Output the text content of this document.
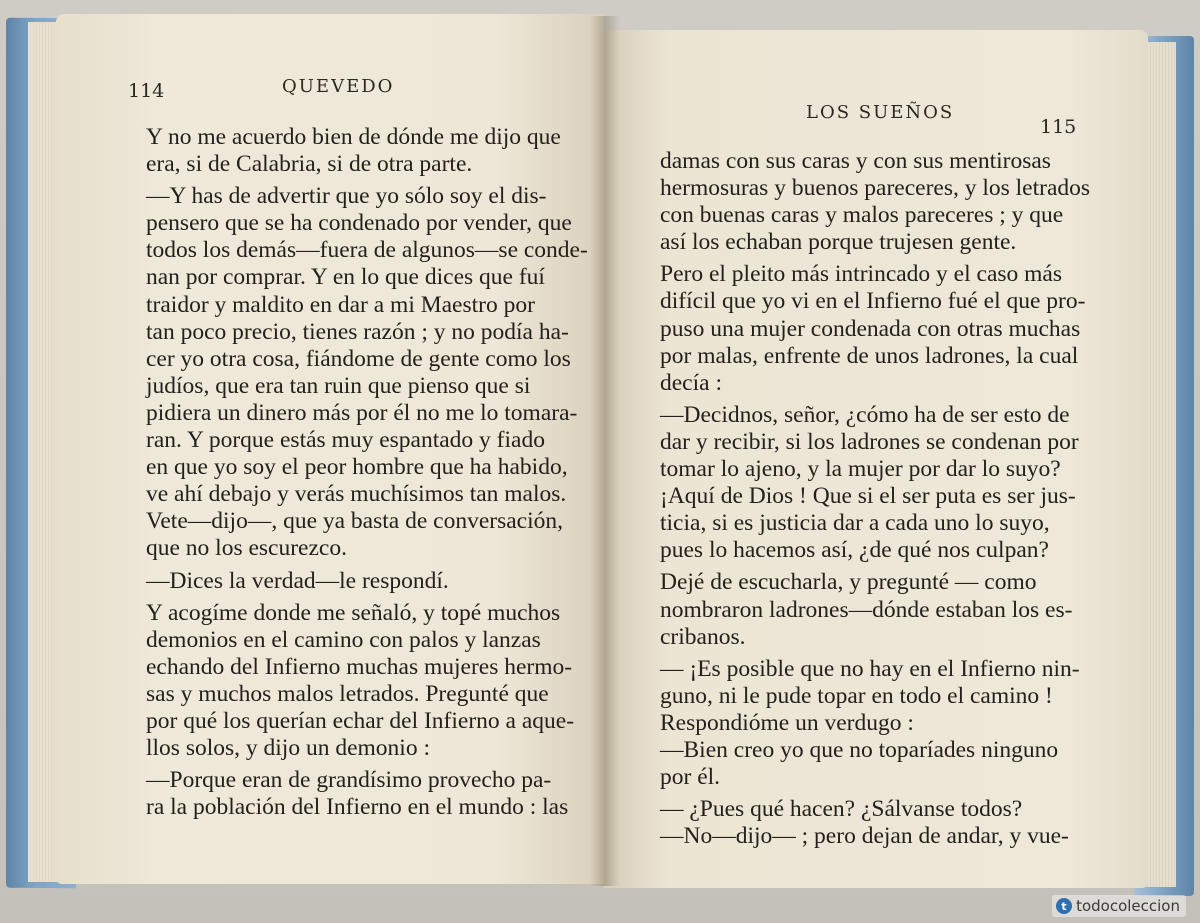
114	QUEVEDO
Y no me acuerdo bien de dónde me dijo que
era, si de Calabria, si de otra parte.
—Y has de advertir que yo sólo soy el dis-
pensero que se ha condenado por vender, que
todos los demás—fuera de algunos—se conde-
nan por comprar. Y en lo que dices que fuí
traidor y maldito en dar a mi Maestro por
tan poco precio, tienes razón ; y no podía ha-
cer yo otra cosa, fiándome de gente como los
judíos, que era tan ruin que pienso que si
pidiera un dinero más por él no me lo tomara-
ran. Y porque estás muy espantado y fiado
en que yo soy el peor hombre que ha habido,
ve ahí debajo y verás muchísimos tan malos.
Vete—dijo—, que ya basta de conversación,
que no los escurezco.
—Dices la verdad—le respondí.
Y acogíme donde me señaló, y topé muchos
demonios en el camino con palos y lanzas
echando del Infierno muchas mujeres hermo-
sas y muchos malos letrados. Pregunté que
por qué los querían echar del Infierno a aque-
llos solos, y dijo un demonio :
—Porque eran de grandísimo provecho pa-
ra la población del Infierno en el mundo : las
LOS SUEÑOS
115
damas con sus caras y con sus mentirosas
hermosuras y buenos pareceres, y los letrados
con buenas caras y malos pareceres ; y que
así los echaban porque trujesen gente.
Pero el pleito más intrincado y el caso más
difícil que yo vi en el Infierno fué el que pro-
puso una mujer condenada con otras muchas
por malas, enfrente de unos ladrones, la cual
decía :
—Decidnos, señor, ¿cómo ha de ser esto de
dar y recibir, si los ladrones se condenan por
tomar lo ajeno, y la mujer por dar lo suyo?
¡Aquí de Dios ! Que si el ser puta es ser jus-
ticia, si es justicia dar a cada uno lo suyo,
pues lo hacemos así, ¿de qué nos culpan?
Dejé de escucharla, y pregunté — como
nombraron ladrones—dónde estaban los es-
cribanos.
— ¡Es posible que no hay en el Infierno nin-
guno, ni le pude topar en todo el camino !
Respondióme un verdugo :
—Bien creo yo que no toparíades ninguno
por él.
— ¿Pues qué hacen? ¿Sálvanse todos?
—No—dijo— ; pero dejan de andar, y vue-
t todocoleccion
